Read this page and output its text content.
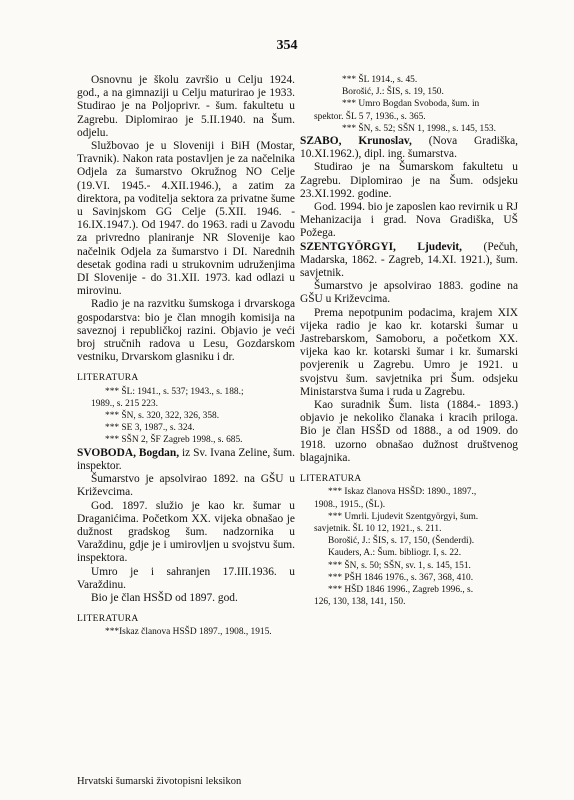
354

Osnovnu je školu završio u Celju 1924. god., a na gimnaziji u Celju maturirao je 1933. Studirao je na Poljoprivr. - šum. fakultetu u Zagrebu. Diplomirao je 5.II.1940. na Šum. odjelu.

Službovao je u Sloveniji i BiH (Mostar, Travnik). Nakon rata postavljen je za načelnika Odjela za šumarstvo Okružnog NO Celje (19.VI. 1945.- 4.XII.1946.), a zatim za direktora, pa voditelja sektora za privatne šume u Savinjskom GG Celje (5.XII. 1946. - 16.IX.1947.). Od 1947. do 1963. radi u Zavodu za privredno planiranje NR Slovenije kao načelnik Odjela za šumarstvo i DI. Narednih desetak godina radi u strukovnim udruženjima DI Slovenije - do 31.XII. 1973. kad odlazi u mirovinu.

Radio je na razvitku šumskoga i drvarskoga gospodarstva: bio je član mnogih komisija na saveznoj i republičkoj razini. Objavio je veći broj stručnih radova u Lesu, Gozdarskom vestniku, Drvarskom glasniku i dr.

LITERATURA

*** ŠL: 1941., s. 537; 1943., s. 188.;

1989., s. 215 223.

*** ŠN, s. 320, 322, 326, 358.

*** SE 3, 1987., s. 324.

*** SŠN 2, ŠF Zagreb 1998., s. 685.

SVOBODA, Bogdan, iz Sv. Ivana Zeline, šum. inspektor.

Šumarstvo je apsolvirao 1892. na GŠU u Križevcima.

God. 1897. služio je kao kr. šumar u Draganićima. Početkom XX. vijeka obnašao je dužnost gradskog šum. nadzornika u Varaždinu, gdje je i umirovljen u svojstvu šum. inspektora.

Umro je i sahranjen 17.III.1936. u Varaždinu.

Bio je član HSŠD od 1897. god.

LITERATURA

***Iskaz članova HSŠD 1897., 1908., 1915.

*** ŠL 1914., s. 45.

Borošić, J.: ŠIS, s. 19, 150.

*** Umro Bogdan Svoboda, šum. in

spektor. ŠL 5 7, 1936., s. 365.

*** ŠN, s. 52; SŠN 1, 1998., s. 145, 153.

SZABO, Krunoslav, (Nova Gradiška, 10.XI.1962.), dipl. ing. šumarstva.

Studirao je na Šumarskom fakultetu u Zagrebu. Diplomirao je na Šum. odsjeku 23.XI.1992. godine.

God. 1994. bio je zaposlen kao revirnik u RJ Mehanizacija i grad. Nova Gradiška, UŠ Požega.

SZENTGYÖRGYI, Ljudevit, (Pečuh, Madarska, 1862. - Zagreb, 14.XI. 1921.), šum. savjetnik.

Šumarstvo je apsolvirao 1883. godine na GŠU u Križevcima.

Prema nepotpunim podacima, krajem XIX vijeka radio je kao kr. kotarski šumar u Jastrebarskom, Samoboru, a početkom XX. vijeka kao kr. kotarski šumar i kr. šumarski povjerenik u Zagrebu. Umro je 1921. u svojstvu šum. savjetnika pri Šum. odsjeku Ministarstva šuma i ruda u Zagrebu.

Kao suradnik Šum. lista (1884.- 1893.) objavio je nekoliko članaka i kracih priloga. Bio je član HSŠD od 1888., a od 1909. do 1918. uzorno obnašao dužnost društvenog blagajnika.

LITERATURA

*** Iskaz članova HSŠD: 1890., 1897.,

1908., 1915., (ŠL).

*** Umrli. Ljudevit Szentgyörgyi, šum.

savjetnik. ŠL 10 12, 1921., s. 211.

Borošić, J.: ŠIS, s. 17, 150, (Šenderdi).

Kauders, A.: Šum. bibliogr. I, s. 22.

*** ŠN, s. 50; SŠN, sv. 1, s. 145, 151.

*** PŠH 1846 1976., s. 367, 368, 410.

*** HŠD 1846 1996., Zagreb 1996., s.

126, 130, 138, 141, 150.

Hrvatski šumarski životopisni leksikon
